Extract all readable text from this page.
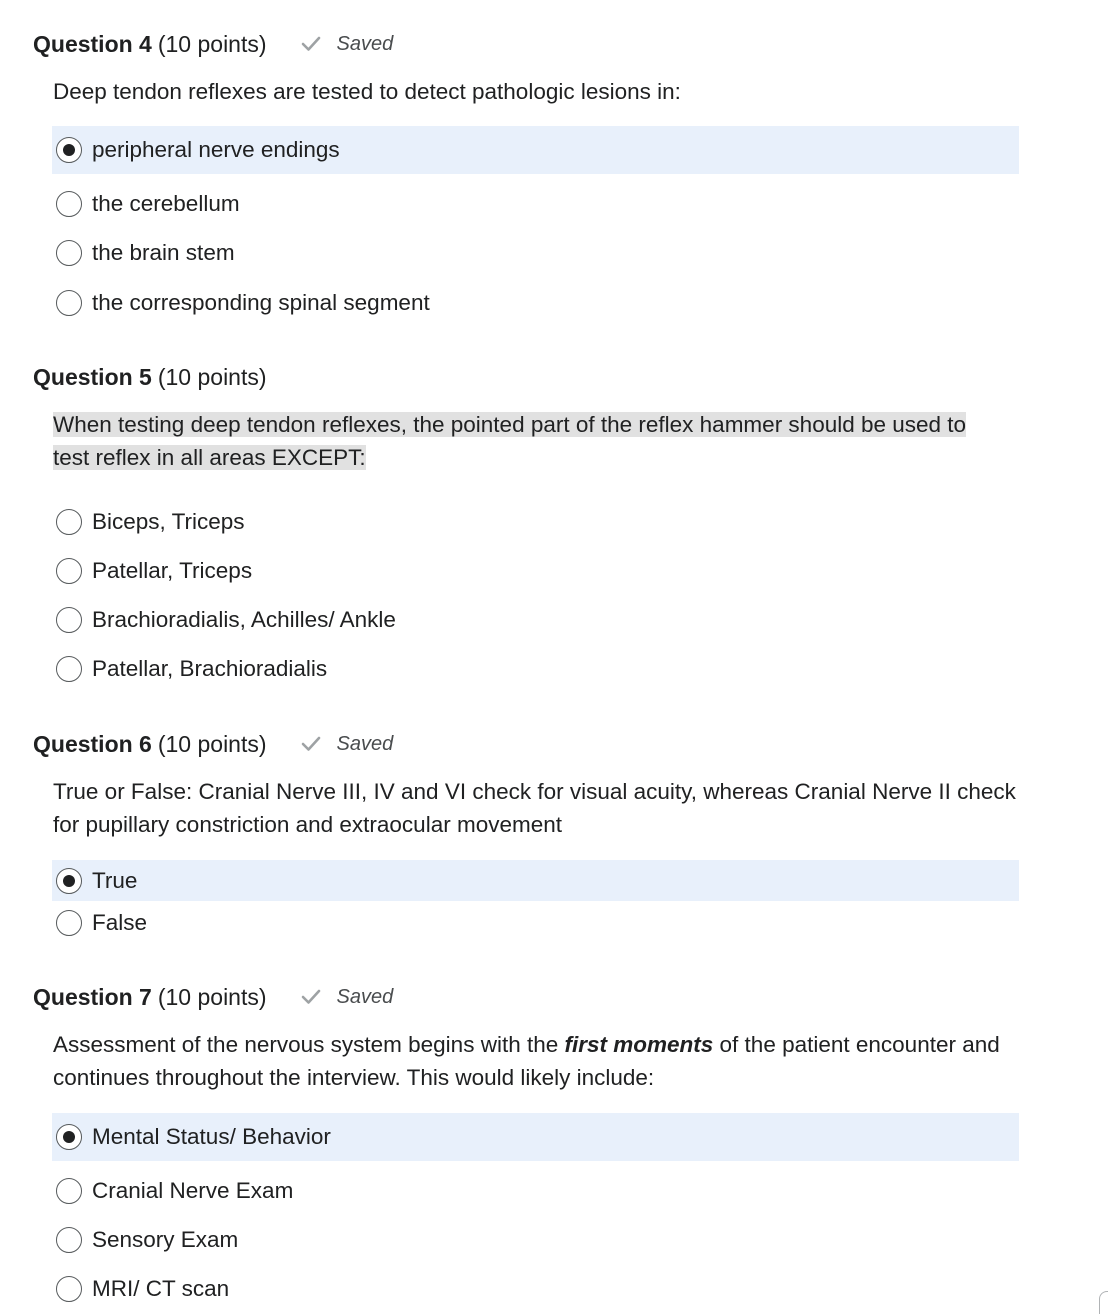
Question 4 (10 points)	Saved
Deep tendon reflexes are tested to detect pathologic lesions in:
peripheral nerve endings
the cerebellum
the brain stem
the corresponding spinal segment
Question 5 (10 points)
When testing deep tendon reflexes, the pointed part of the reflex hammer should be used to
test reflex in all areas EXCEPT:
Biceps, Triceps
Patellar, Triceps
Brachioradialis, Achilles/ Ankle
Patellar, Brachioradialis
Question 6 (10 points)	Saved
True or False: Cranial Nerve III, IV and VI check for visual acuity, whereas Cranial Nerve II check for pupillary constriction and extraocular movement
True
False
Question 7 (10 points)	Saved
Assessment of the nervous system begins with the first moments of the patient encounter and continues throughout the interview. This would likely include:
Mental Status/ Behavior
Cranial Nerve Exam
Sensory Exam
MRI/ CT scan
